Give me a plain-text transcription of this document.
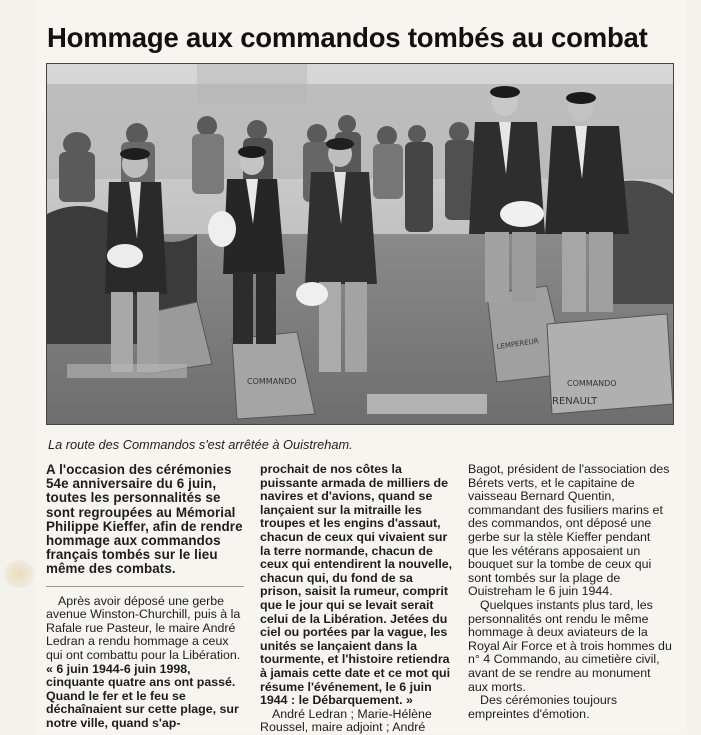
Hommage aux commandos tombés au combat
COMMANDO
LEMPEREUR
COMMANDO
RENAULT

La route des Commandos s'est arrêtée à Ouistreham.

A l'occasion des cérémonies 54e anniversaire du 6 juin, toutes les personnalités se sont regroupées au Mémorial Philippe Kieffer, afin de rendre hommage aux commandos français tombés sur le lieu même des combats.

Après avoir déposé une gerbe avenue Winston-Churchill, puis à la Rafale rue Pasteur, le maire André Ledran a rendu hommage a ceux qui ont combattu pour la Libération. « 6 juin 1944-6 juin 1998, cinquante quatre ans ont passé. Quand le fer et le feu se déchaînaient sur cette plage, sur notre ville, quand s'ap-

prochait de nos côtes la puissante armada de milliers de navires et d'avions, quand se lançaient sur la mitraille les troupes et les engins d'assaut, chacun de ceux qui vivaient sur la terre normande, chacun de ceux qui entendirent la nouvelle, chacun qui, du fond de sa prison, saisit la rumeur, comprit que le jour qui se levait serait celui de la Libération. Jetées du ciel ou portées par la vague, les unités se lançaient dans la tourmente, et l'histoire retiendra à jamais cette date et ce mot qui résume l'événement, le 6 juin 1944 : le Débarquement. »

André Ledran ; Marie-Hélène Roussel, maire adjoint ; André

Bagot, président de l'association des Bérets verts, et le capitaine de vaisseau Bernard Quentin, commandant des fusiliers marins et des commandos, ont déposé une gerbe sur la stèle Kieffer pendant que les vétérans apposaient un bouquet sur la tombe de ceux qui sont tombés sur la plage de Ouistreham le 6 juin 1944.

Quelques instants plus tard, les personnalités ont rendu le même hommage à deux aviateurs de la Royal Air Force et à trois hommes du n° 4 Commando, au cimetière civil, avant de se rendre au monument aux morts.

Des cérémonies toujours empreintes d'émotion.
